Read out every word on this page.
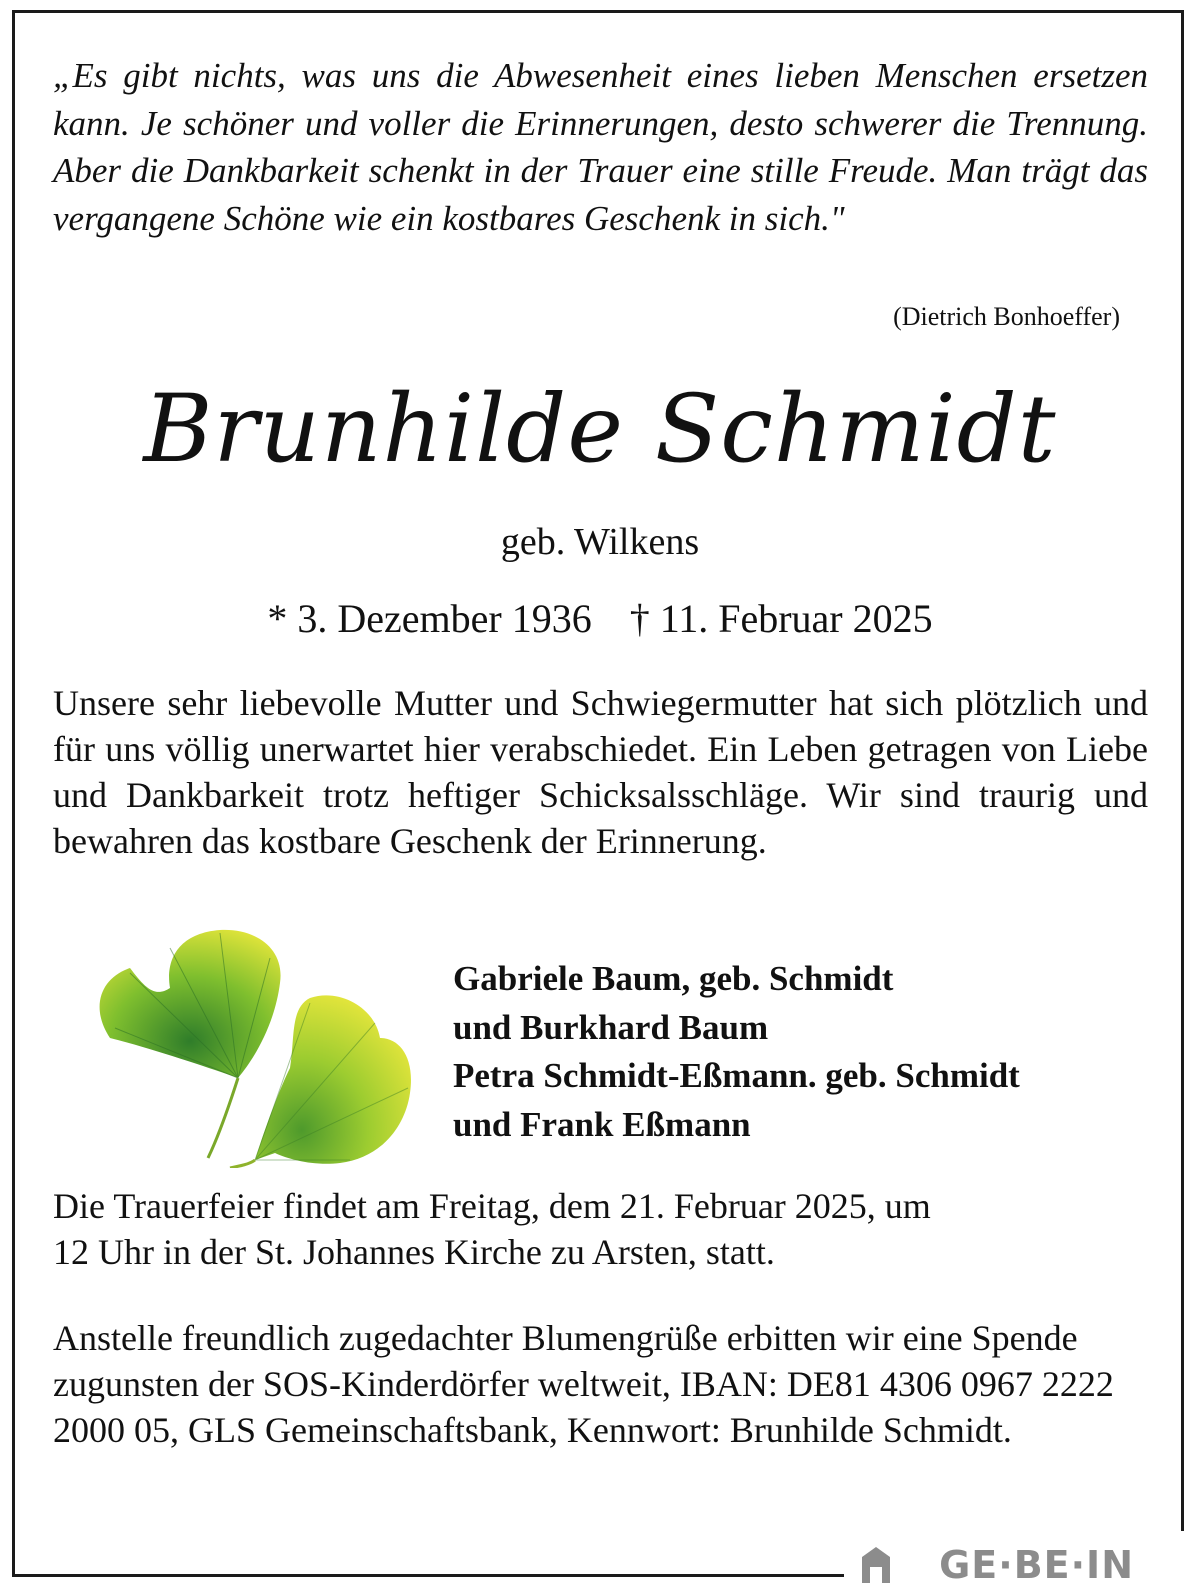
„Es gibt nichts, was uns die Abwesenheit eines lieben Menschen ersetzen kann. Je schöner und voller die Erinnerungen, desto schwerer die Trennung. Aber die Dankbarkeit schenkt in der Trauer eine stille Freude. Man trägt das vergangene Schöne wie ein kostbares Geschenk in sich."

(Dietrich Bonhoeffer)

Brunhilde Schmidt

geb. Wilkens

* 3. Dezember 1936 † 11. Februar 2025

Unsere sehr liebevolle Mutter und Schwiegermutter hat sich plötzlich und für uns völlig unerwartet hier verabschiedet. Ein Leben getragen von Liebe und Dankbarkeit trotz heftiger Schicksalsschläge. Wir sind traurig und bewahren das kostbare Geschenk der Erinnerung.

Gabriele Baum, geb. Schmidt
und Burkhard Baum
Petra Schmidt-Eßmann. geb. Schmidt
und Frank Eßmann
Die Trauerfeier findet am Freitag, dem 21. Februar 2025, um
12 Uhr in der St. Johannes Kirche zu Arsten, statt.

Anstelle freundlich zugedachter Blumengrüße erbitten wir eine Spende zugunsten der SOS-Kinderdörfer weltweit, IBAN: DE81 4306 0967 2222 2000 05, GLS Gemeinschaftsbank, Kennwort: Brunhilde Schmidt.

GE·BE·IN
